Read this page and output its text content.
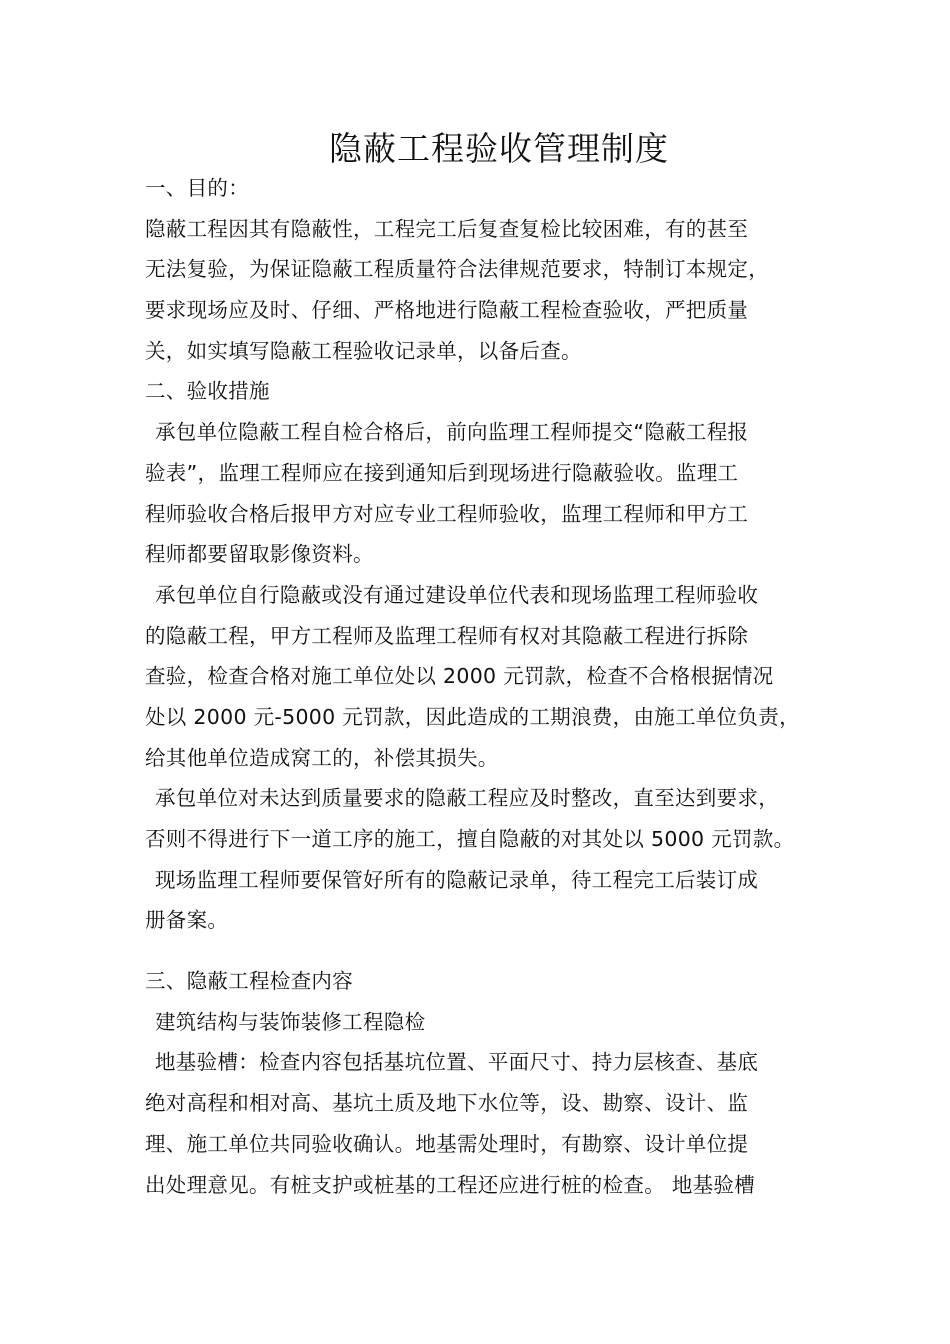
隐蔽工程验收管理制度
一、目的：
隐蔽工程因其有隐蔽性，工程完工后复查复检比较困难，有的甚至
无法复验，为保证隐蔽工程质量符合法律规范要求，特制订本规定，
要求现场应及时、仔细、严格地进行隐蔽工程检查验收，严把质量
关，如实填写隐蔽工程验收记录单，以备后查。
二、验收措施
承包单位隐蔽工程自检合格后，前向监理工程师提交“隐蔽工程报
验表”，监理工程师应在接到通知后到现场进行隐蔽验收。监理工
程师验收合格后报甲方对应专业工程师验收，监理工程师和甲方工
程师都要留取影像资料。
承包单位自行隐蔽或没有通过建设单位代表和现场监理工程师验收
的隐蔽工程，甲方工程师及监理工程师有权对其隐蔽工程进行拆除
查验，检查合格对施工单位处以 2000 元罚款，检查不合格根据情况
处以 2000 元-5000 元罚款，因此造成的工期浪费，由施工单位负责，
给其他单位造成窝工的，补偿其损失。
承包单位对未达到质量要求的隐蔽工程应及时整改，直至达到要求，
否则不得进行下一道工序的施工，擅自隐蔽的对其处以 5000 元罚款。
现场监理工程师要保管好所有的隐蔽记录单，待工程完工后装订成
册备案。
三、隐蔽工程检查内容
建筑结构与装饰装修工程隐检
地基验槽：检查内容包括基坑位置、平面尺寸、持力层核查、基底
绝对高程和相对高、基坑土质及地下水位等，设、勘察、设计、监
理、施工单位共同验收确认。地基需处理时，有勘察、设计单位提
出处理意见。有桩支护或桩基的工程还应进行桩的检查。 地基验槽
